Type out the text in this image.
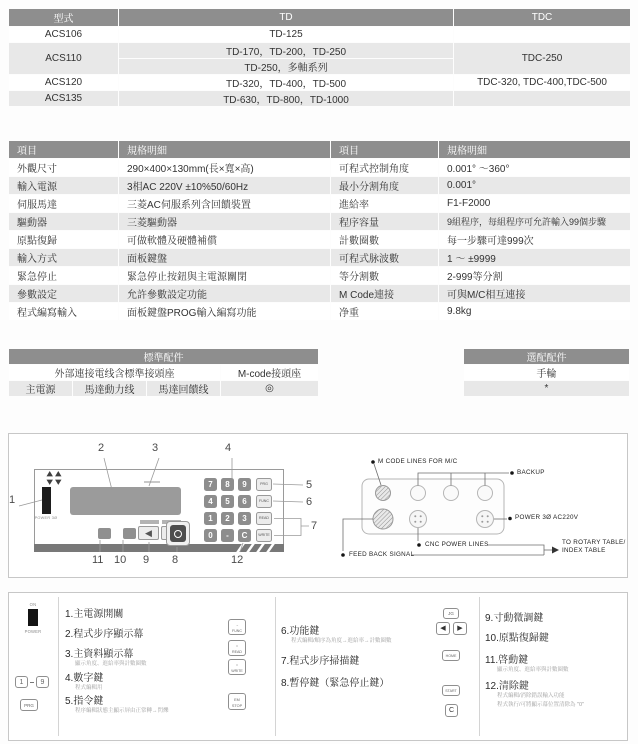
型式	TD	TDC
ACS106	TD-125	
ACS110	TD-170，TD-200，TD-250	TDC-250
	TD-250，多軸系列	
ACS120	TD-320，TD-400，TD-500	TDC-320, TDC-400,TDC-500
ACS135	TD-630，TD-800，TD-1000	
項目	規格明細	項目	規格明細
外觀尺寸	290×400×130mm(長×寬×高)	可程式控制角度	0.001° ～360°
輸入電源	3相AC 220V ±10%50/60Hz	最小分割角度	0.001°
伺服馬達	三菱AC伺服系列含回饋裝置	進給率	F1-F2000
驅動器	三菱驅動器	程序容量	9組程序，每組程序可允許輸入99個步驟
原點復歸	可做軟體及硬體補償	計數圈數	每一步驟可達999次
輸入方式	面板鍵盤	可程式脉波數	1 ～ ±9999
緊急停止	緊急停止按鈕與主電源關閉	等分割數	2-999等分割
參數設定	允許參數設定功能	M Code連接	可與M/C相互連接
程式編寫輸入	面板鍵盤PROG輸入編寫功能	净重	9.8kg
標準配件			
外部連接電线含標準接頭座			M-code接頭座
主電源	馬達動力线	馬達回饋线	◎
選配配件
手輪
*
POWER 3Ø
7	8	9	PRG
4	5	6	FUNC
1	2	3	READ
0	-	C	WRITE
◀
1
2	3	4
5
6
7
8
9
10
11	12
M CODE LINES FOR M/C
BACKUP
POWER 3Ø AC220V
CNC POWER LINES
FEED BACK SIGNAL
TO ROTARY TABLE/
INDEX TABLE
ON
POWER
1	9
PRG
1.主電源開關
2.程式步序顯示幕
3.主資料顯示幕
顯示角度、進給率與計數圈數
4.數字鍵
程式編輯用
5.指令鍵
程序編輯狀態主顯示屏由正常轉→閃爍
→
FUNC
•
READ
•
WRITE
EM
STOP
6.功能鍵
程式編輯/順序為角度→進給率→計數圈數
7.程式步序掃描鍵
8.暫停鍵（緊急停止鍵）
JG
◀	▶
HOME
START
C
9.寸動微調鍵
10.原點復歸鍵
11.啓動鍵
顯示角度、進給率與計數圈數
12.清除鍵
程式編輯/消除錯誤輸入功能
程式執行/可將顯示幕位置清除為 "0"
